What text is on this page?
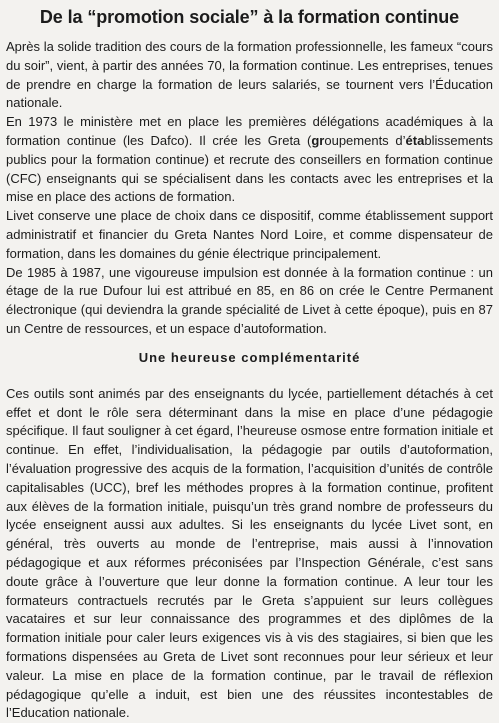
De la “promotion sociale” à la formation continue

Après la solide tradition des cours de la formation professionnelle, les fameux “cours du soir”, vient, à partir des années 70, la formation continue. Les entreprises, tenues de prendre en charge la formation de leurs salariés, se tournent vers l’Éducation nationale.

En 1973 le ministère met en place les premières délégations académiques à la formation continue (les Dafco). Il crée les Greta (groupements d’établissements publics pour la formation continue) et recrute des conseillers en formation continue (CFC) enseignants qui se spécialisent dans les contacts avec les entreprises et la mise en place des actions de formation.

Livet conserve une place de choix dans ce dispositif, comme établissement support administratif et financier du Greta Nantes Nord Loire, et comme dispensateur de formation, dans les domaines du génie électrique principalement.

De 1985 à 1987, une vigoureuse impulsion est donnée à la formation continue : un étage de la rue Dufour lui est attribué en 85, en 86 on crée le Centre Permanent électronique (qui deviendra la grande spécialité de Livet à cette époque), puis en 87 un Centre de ressources, et un espace d’autoformation.

Une heureuse complémentarité

Ces outils sont animés par des enseignants du lycée, partiellement détachés à cet effet et dont le rôle sera déterminant dans la mise en place d’une pédagogie spécifique. Il faut souligner à cet égard, l’heureuse osmose entre formation initiale et continue. En effet, l’individualisation, la pédagogie par outils d’autoformation, l’évaluation progressive des acquis de la formation, l’acquisition d’unités de contrôle capitalisables (UCC), bref les méthodes propres à la formation continue, profitent aux élèves de la formation initiale, puisqu’un très grand nombre de professeurs du lycée enseignent aussi aux adultes. Si les enseignants du lycée Livet sont, en général, très ouverts au monde de l’entreprise, mais aussi à l’innovation pédagogique et aux réformes préconisées par l’Inspection Générale, c’est sans doute grâce à l’ouverture que leur donne la formation continue. A leur tour les formateurs contractuels recrutés par le Greta s’appuient sur leurs collègues vacataires et sur leur connaissance des programmes et des diplômes de la formation initiale pour caler leurs exigences vis à vis des stagiaires, si bien que les formations dispensées au Greta de Livet sont reconnues pour leur sérieux et leur valeur. La mise en place de la formation continue, par le travail de réflexion pédagogique qu’elle a induit, est bien une des réussites incontestables de l’Education nationale.
